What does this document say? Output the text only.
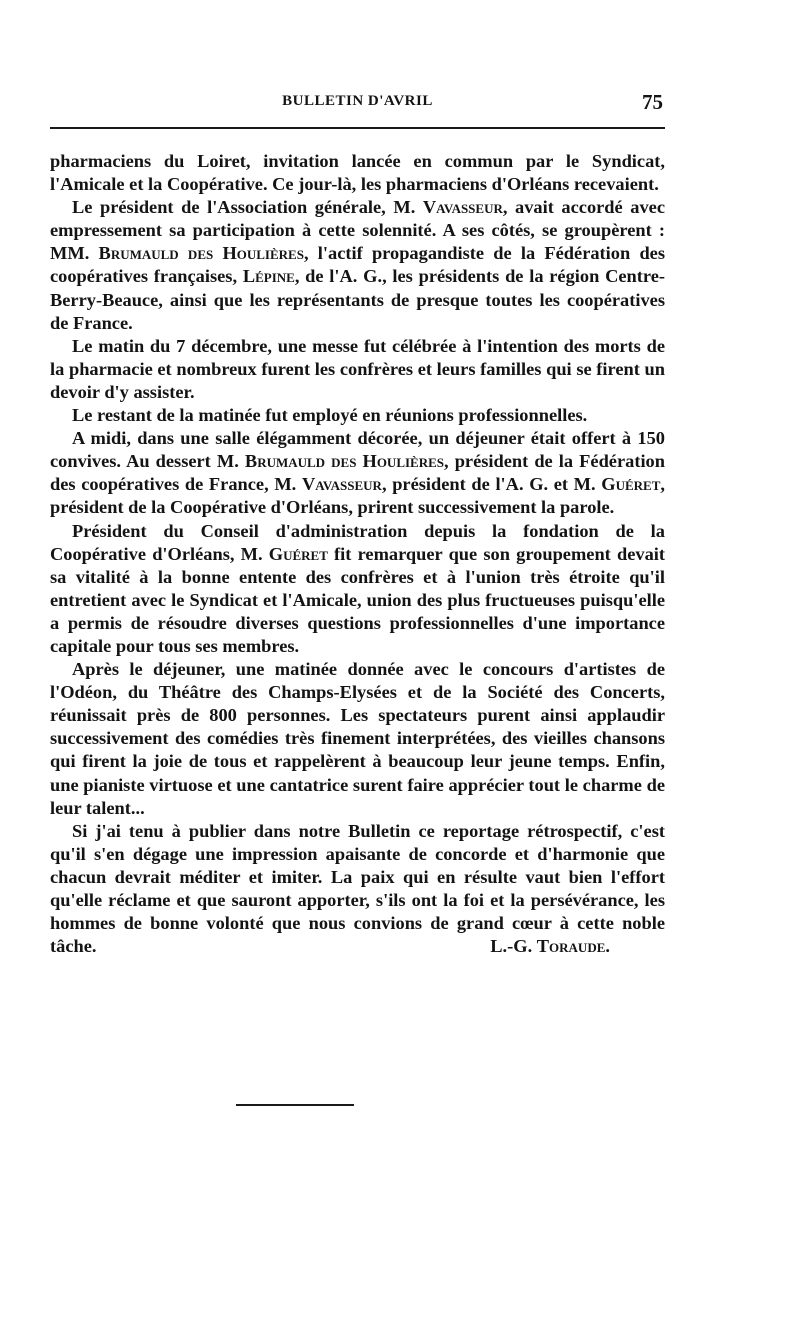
BULLETIN D'AVRIL	75

pharmaciens du Loiret, invitation lancée en commun par le Syndicat, l'Amicale et la Coopérative. Ce jour-là, les pharmaciens d'Orléans recevaient.

Le président de l'Association générale, M. Vavasseur, avait accordé avec empressement sa participation à cette solennité. A ses côtés, se groupèrent : MM. Brumauld des Houlières, l'actif propagandiste de la Fédération des coopératives françaises, Lépine, de l'A. G., les présidents de la région Centre-Berry-Beauce, ainsi que les représentants de presque toutes les coopératives de France.

Le matin du 7 décembre, une messe fut célébrée à l'intention des morts de la pharmacie et nombreux furent les confrères et leurs familles qui se firent un devoir d'y assister.

Le restant de la matinée fut employé en réunions professionnelles.

A midi, dans une salle élégamment décorée, un déjeuner était offert à 150 convives. Au dessert M. Brumauld des Houlières, président de la Fédération des coopératives de France, M. Vavasseur, président de l'A. G. et M. Guéret, président de la Coopérative d'Orléans, prirent successivement la parole.

Président du Conseil d'administration depuis la fondation de la Coopérative d'Orléans, M. Guéret fit remarquer que son groupement devait sa vitalité à la bonne entente des confrères et à l'union très étroite qu'il entretient avec le Syndicat et l'Amicale, union des plus fructueuses puisqu'elle a permis de résoudre diverses questions professionnelles d'une importance capitale pour tous ses membres.

Après le déjeuner, une matinée donnée avec le concours d'artistes de l'Odéon, du Théâtre des Champs-Elysées et de la Société des Concerts, réunissait près de 800 personnes. Les spectateurs purent ainsi applaudir successivement des comédies très finement interprétées, des vieilles chansons qui firent la joie de tous et rappelèrent à beaucoup leur jeune temps. Enfin, une pianiste virtuose et une cantatrice surent faire apprécier tout le charme de leur talent...

Si j'ai tenu à publier dans notre Bulletin ce reportage rétrospectif, c'est qu'il s'en dégage une impression apaisante de concorde et d'harmonie que chacun devrait méditer et imiter. La paix qui en résulte vaut bien l'effort qu'elle réclame et que sauront apporter, s'ils ont la foi et la persévérance, les hommes de bonne volonté que nous convions de grand cœur à cette noble tâche.	L.-G. Toraude.
